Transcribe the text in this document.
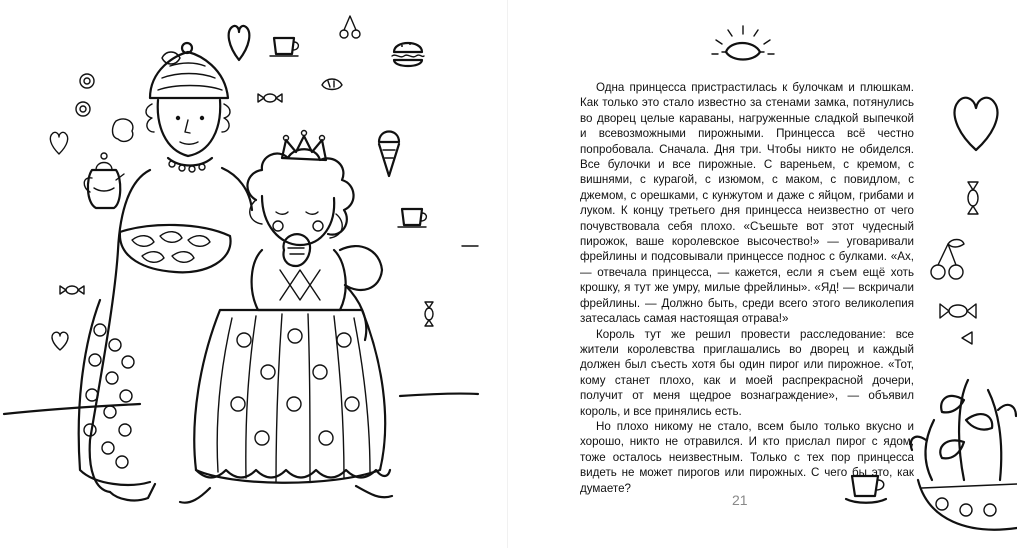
Одна принцесса пристрастилась к булочкам и плюшкам. Как только это стало известно за стенами замка, потянулись во дворец целые караваны, нагруженные сладкой выпечкой и всевозможными пирожными. Принцесса всё честно попробовала. Сначала. Дня три. Чтобы никто не обиделся. Все булочки и все пирожные. С вареньем, с кремом, с вишнями, с курагой, с изюмом, с маком, с повидлом, с джемом, с орешками, с кунжутом и даже с яйцом, грибами и луком. К концу третьего дня принцесса неизвестно от чего почувствовала себя плохо. «Съешьте вот этот чудесный пирожок, ваше королевское высочество!» — уговаривали фрейлины и подсовывали принцессе поднос с булками. «Ах, — отвечала принцесса, — кажется, если я съем ещё хоть крошку, я тут же умру, милые фрейлины». «Яд! — вскричали фрейлины. — Должно быть, среди всего этого великолепия затесалась самая настоящая отрава!»

Король тут же решил провести расследование: все жители королевства приглашались во дворец и каждый должен был съесть хотя бы один пирог или пирожное. «Тот, кому станет плохо, как и моей распрекрасной дочери, получит от меня щедрое вознаграждение», — объявил король, и все принялись есть.

Но плохо никому не стало, всем было только вкусно и хорошо, никто не отравился. И кто прислал пирог с ядом, тоже осталось неизвестным. Только с тех пор принцесса видеть не может пирогов или пирожных. С чего бы это, как думаете?

21
